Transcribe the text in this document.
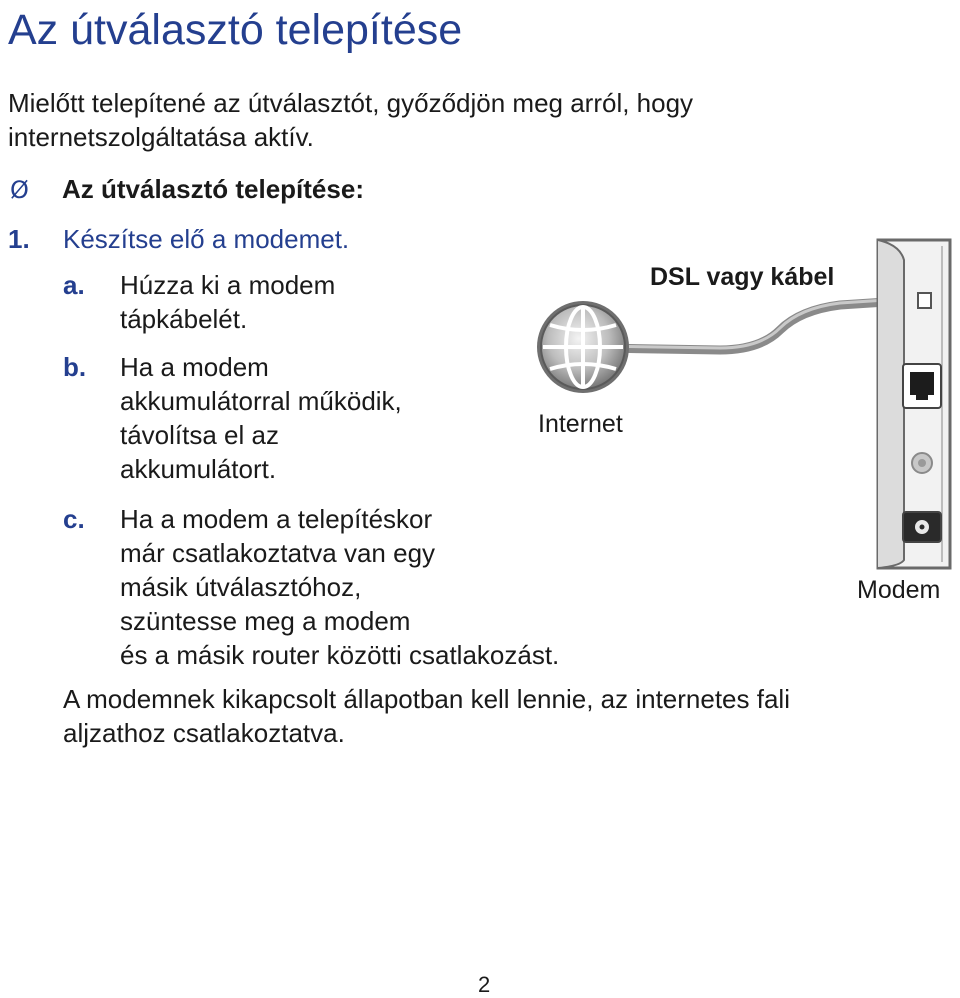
Az útválasztó telepítése
Mielőtt telepítené az útválasztót, győződjön meg arról, hogy
internetszolgáltatása aktív.
Ø Az útválasztó telepítése:
1. Készítse elő a modemet.
a.	Húzza ki a modem
tápkábelét.
b.	Ha a modem
akkumulátorral működik,
távolítsa el az
akkumulátort.
c.	Ha a modem a telepítéskor
már csatlakoztatva van egy
másik útválasztóhoz,
szüntesse meg a modem
és a másik router közötti csatlakozást.
A modemnek kikapcsolt állapotban kell lennie, az internetes fali
aljzathoz csatlakoztatva.
DSL vagy kábel
Internet
Modem
2
